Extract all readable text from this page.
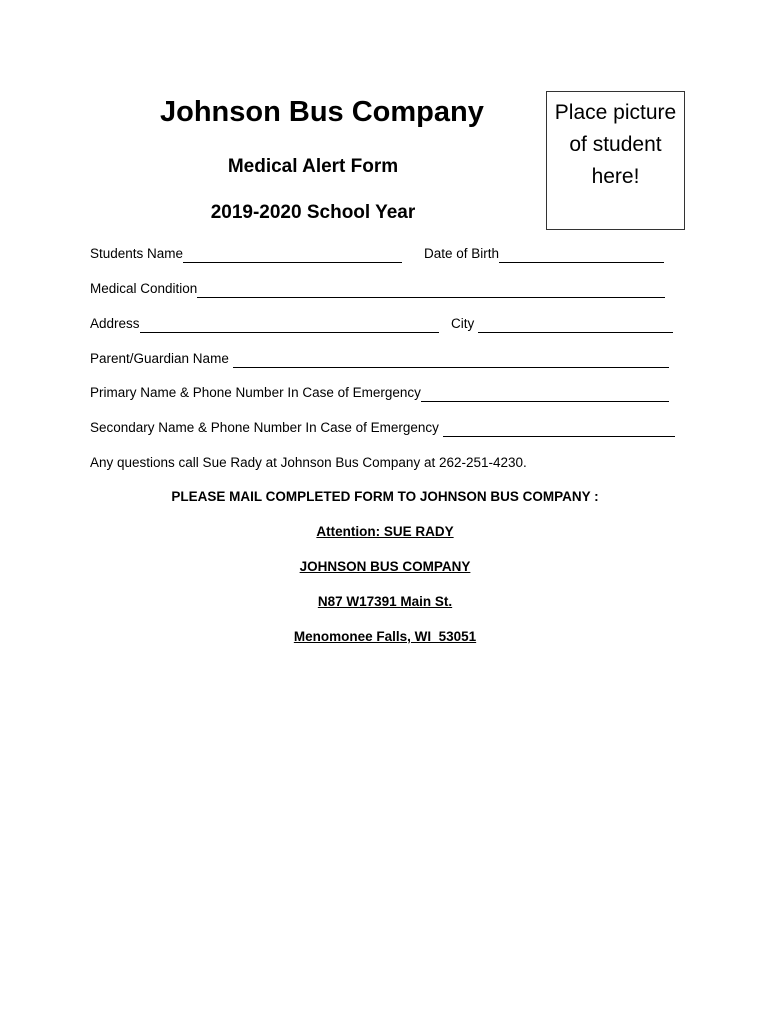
Johnson Bus Company
Medical Alert Form
2019-2020 School Year
Place picture
of student
here!
Students Name	Date of Birth
Medical Condition
Address	City
Parent/Guardian Name
Primary Name & Phone Number In Case of Emergency
Secondary Name & Phone Number In Case of Emergency
Any questions call Sue Rady at Johnson Bus Company at 262-251-4230.
PLEASE MAIL COMPLETED FORM TO JOHNSON BUS COMPANY :
Attention: SUE RADY
JOHNSON BUS COMPANY
N87 W17391 Main St.
Menomonee Falls, WI  53051
